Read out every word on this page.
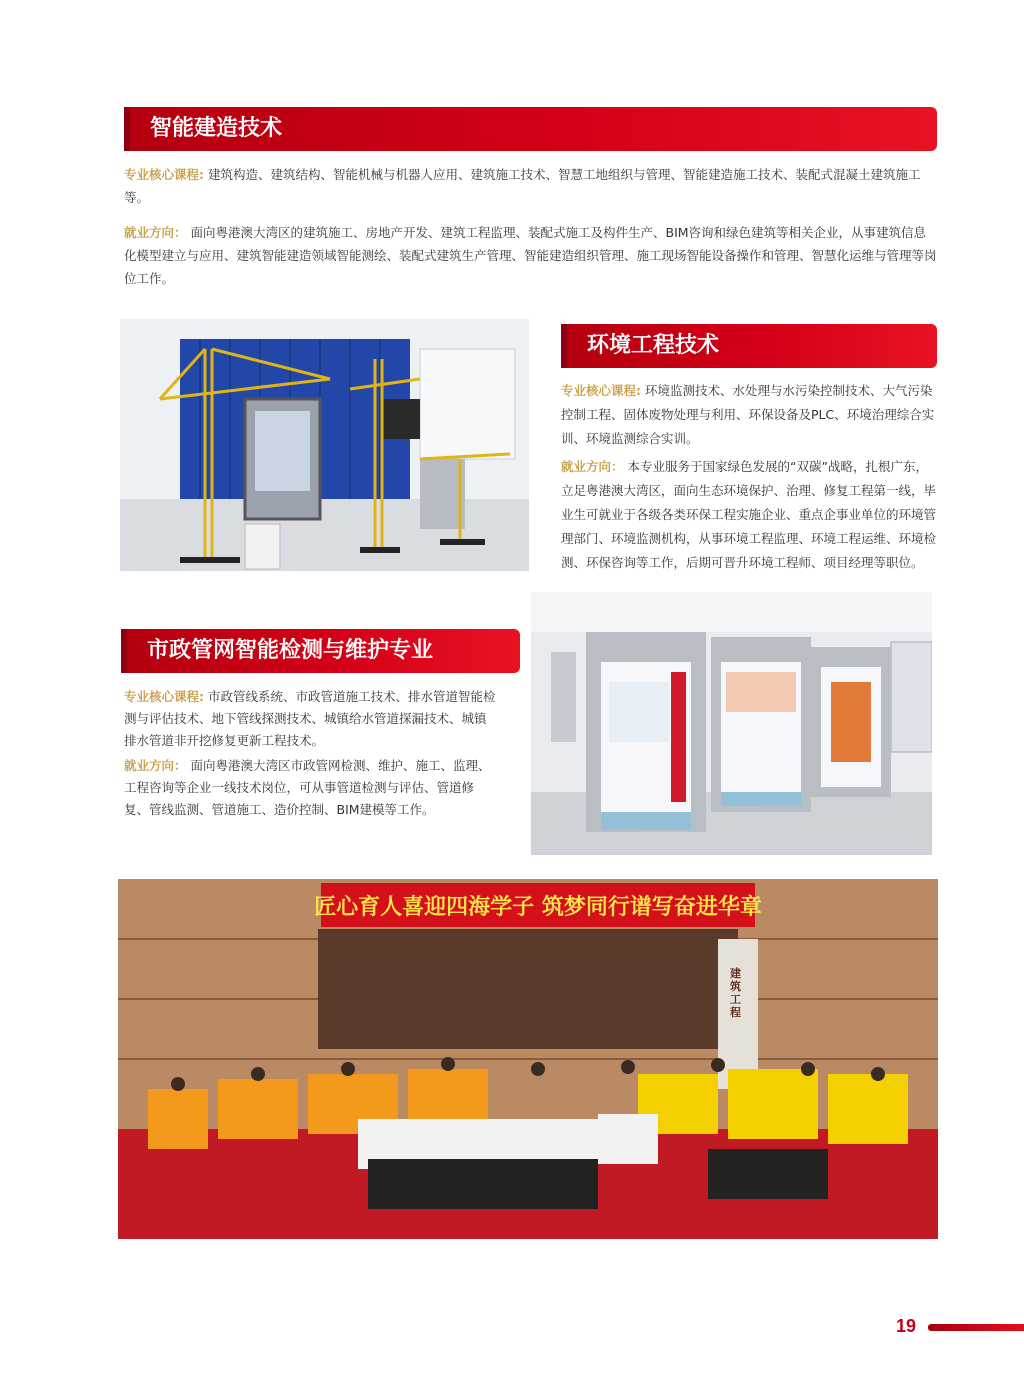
智能建造技术
专业核心课程: 建筑构造、建筑结构、智能机械与机器人应用、建筑施工技术、智慧工地组织与管理、智能建造施工技术、装配式混凝土建筑施工等。
就业方向： 面向粤港澳大湾区的建筑施工、房地产开发、建筑工程监理、装配式施工及构件生产、BIM咨询和绿色建筑等相关企业，从事建筑信息化模型建立与应用、建筑智能建造领域智能测绘、装配式建筑生产管理、智能建造组织管理、施工现场智能设备操作和管理、智慧化运维与管理等岗位工作。
环境工程技术
专业核心课程: 环境监测技术、水处理与水污染控制技术、大气污染控制工程、固体废物处理与利用、环保设备及PLC、环境治理综合实训、环境监测综合实训。
就业方向： 本专业服务于国家绿色发展的“双碳”战略，扎根广东，立足粤港澳大湾区，面向生态环境保护、治理、修复工程第一线，毕业生可就业于各级各类环保工程实施企业、重点企事业单位的环境管理部门、环境监测机构，从事环境工程监理、环境工程运维、环境检测、环保咨询等工作，后期可晋升环境工程师、项目经理等职位。
市政管网智能检测与维护专业
专业核心课程: 市政管线系统、市政管道施工技术、排水管道智能检测与评估技术、地下管线探测技术、城镇给水管道探漏技术、城镇排水管道非开挖修复更新工程技术。
就业方向： 面向粤港澳大湾区市政管网检测、维护、施工、监理、工程咨询等企业一线技术岗位，可从事管道检测与评估、管道修复、管线监测、管道施工、造价控制、BIM建模等工作。
匠心育人喜迎四海学子 筑梦同行谱写奋进华章
建筑工程
19
